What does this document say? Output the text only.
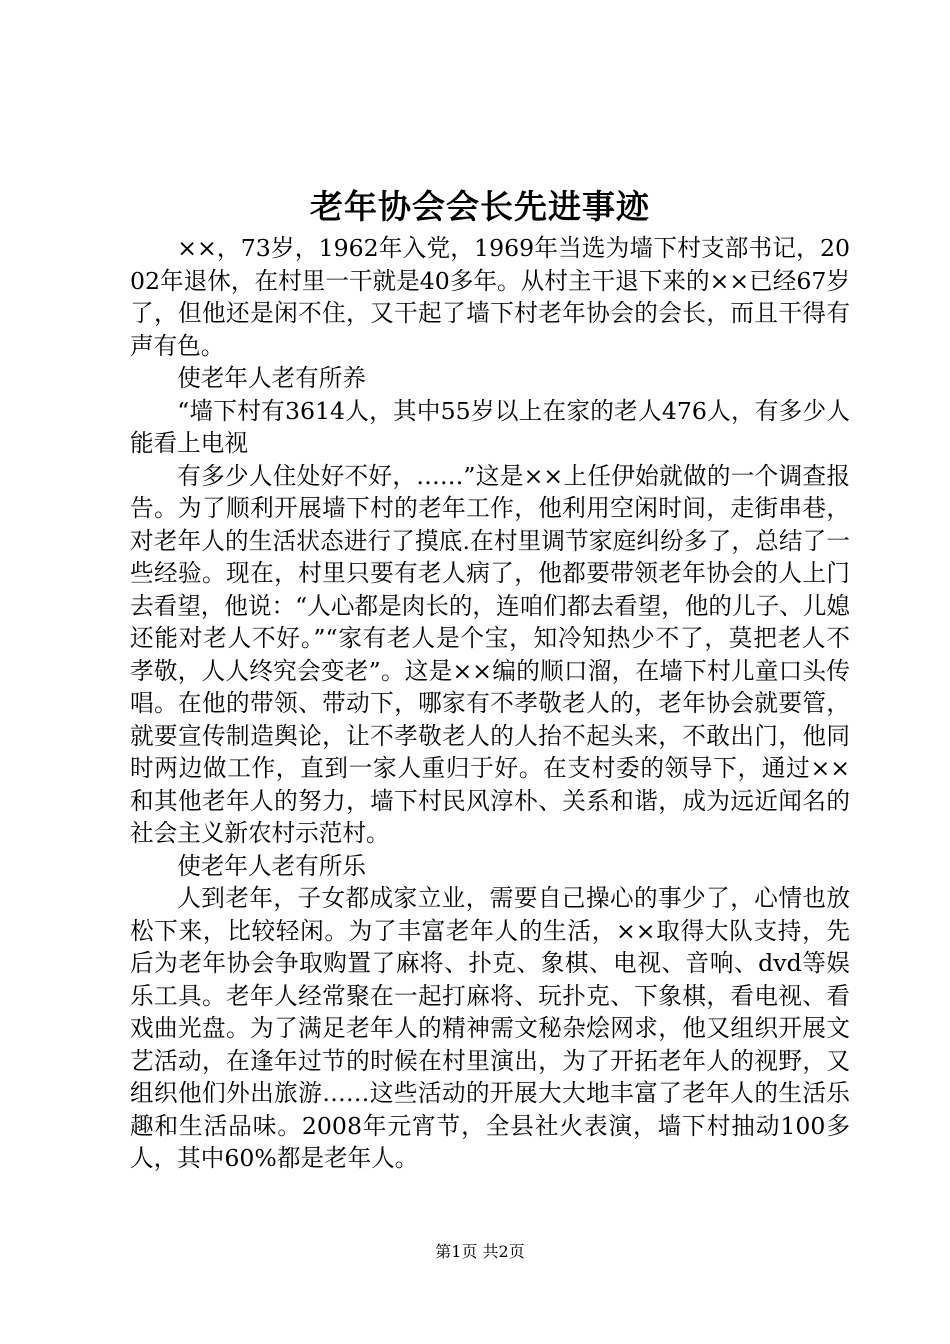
老年协会会长先进事迹

××，73岁，1962年入党，1969年当选为墙下村支部书记，2002年退休，在村里一干就是40多年。从村主干退下来的××已经67岁了，但他还是闲不住，又干起了墙下村老年协会的会长，而且干得有声有色。

使老年人老有所养

“墙下村有3614人，其中55岁以上在家的老人476人，有多少人能看上电视

有多少人住处好不好，……”这是××上任伊始就做的一个调查报告。为了顺利开展墙下村的老年工作，他利用空闲时间，走街串巷，对老年人的生活状态进行了摸底.在村里调节家庭纠纷多了，总结了一些经验。现在，村里只要有老人病了，他都要带领老年协会的人上门去看望，他说：“人心都是肉长的，连咱们都去看望，他的儿子、儿媳还能对老人不好。”“家有老人是个宝，知冷知热少不了，莫把老人不孝敬，人人终究会变老”。这是××编的顺口溜，在墙下村儿童口头传唱。在他的带领、带动下，哪家有不孝敬老人的，老年协会就要管，就要宣传制造舆论，让不孝敬老人的人抬不起头来，不敢出门，他同时两边做工作，直到一家人重归于好。在支村委的领导下，通过××和其他老年人的努力，墙下村民风淳朴、关系和谐，成为远近闻名的社会主义新农村示范村。

使老年人老有所乐

人到老年，子女都成家立业，需要自己操心的事少了，心情也放松下来，比较轻闲。为了丰富老年人的生活，××取得大队支持，先后为老年协会争取购置了麻将、扑克、象棋、电视、音响、dvd等娱乐工具。老年人经常聚在一起打麻将、玩扑克、下象棋，看电视、看戏曲光盘。为了满足老年人的精神需文秘杂烩网求，他又组织开展文艺活动，在逢年过节的时候在村里演出，为了开拓老年人的视野，又组织他们外出旅游……这些活动的开展大大地丰富了老年人的生活乐趣和生活品味。2008年元宵节，全县社火表演，墙下村抽动100多人，其中60%都是老年人。

第1页 共2页
